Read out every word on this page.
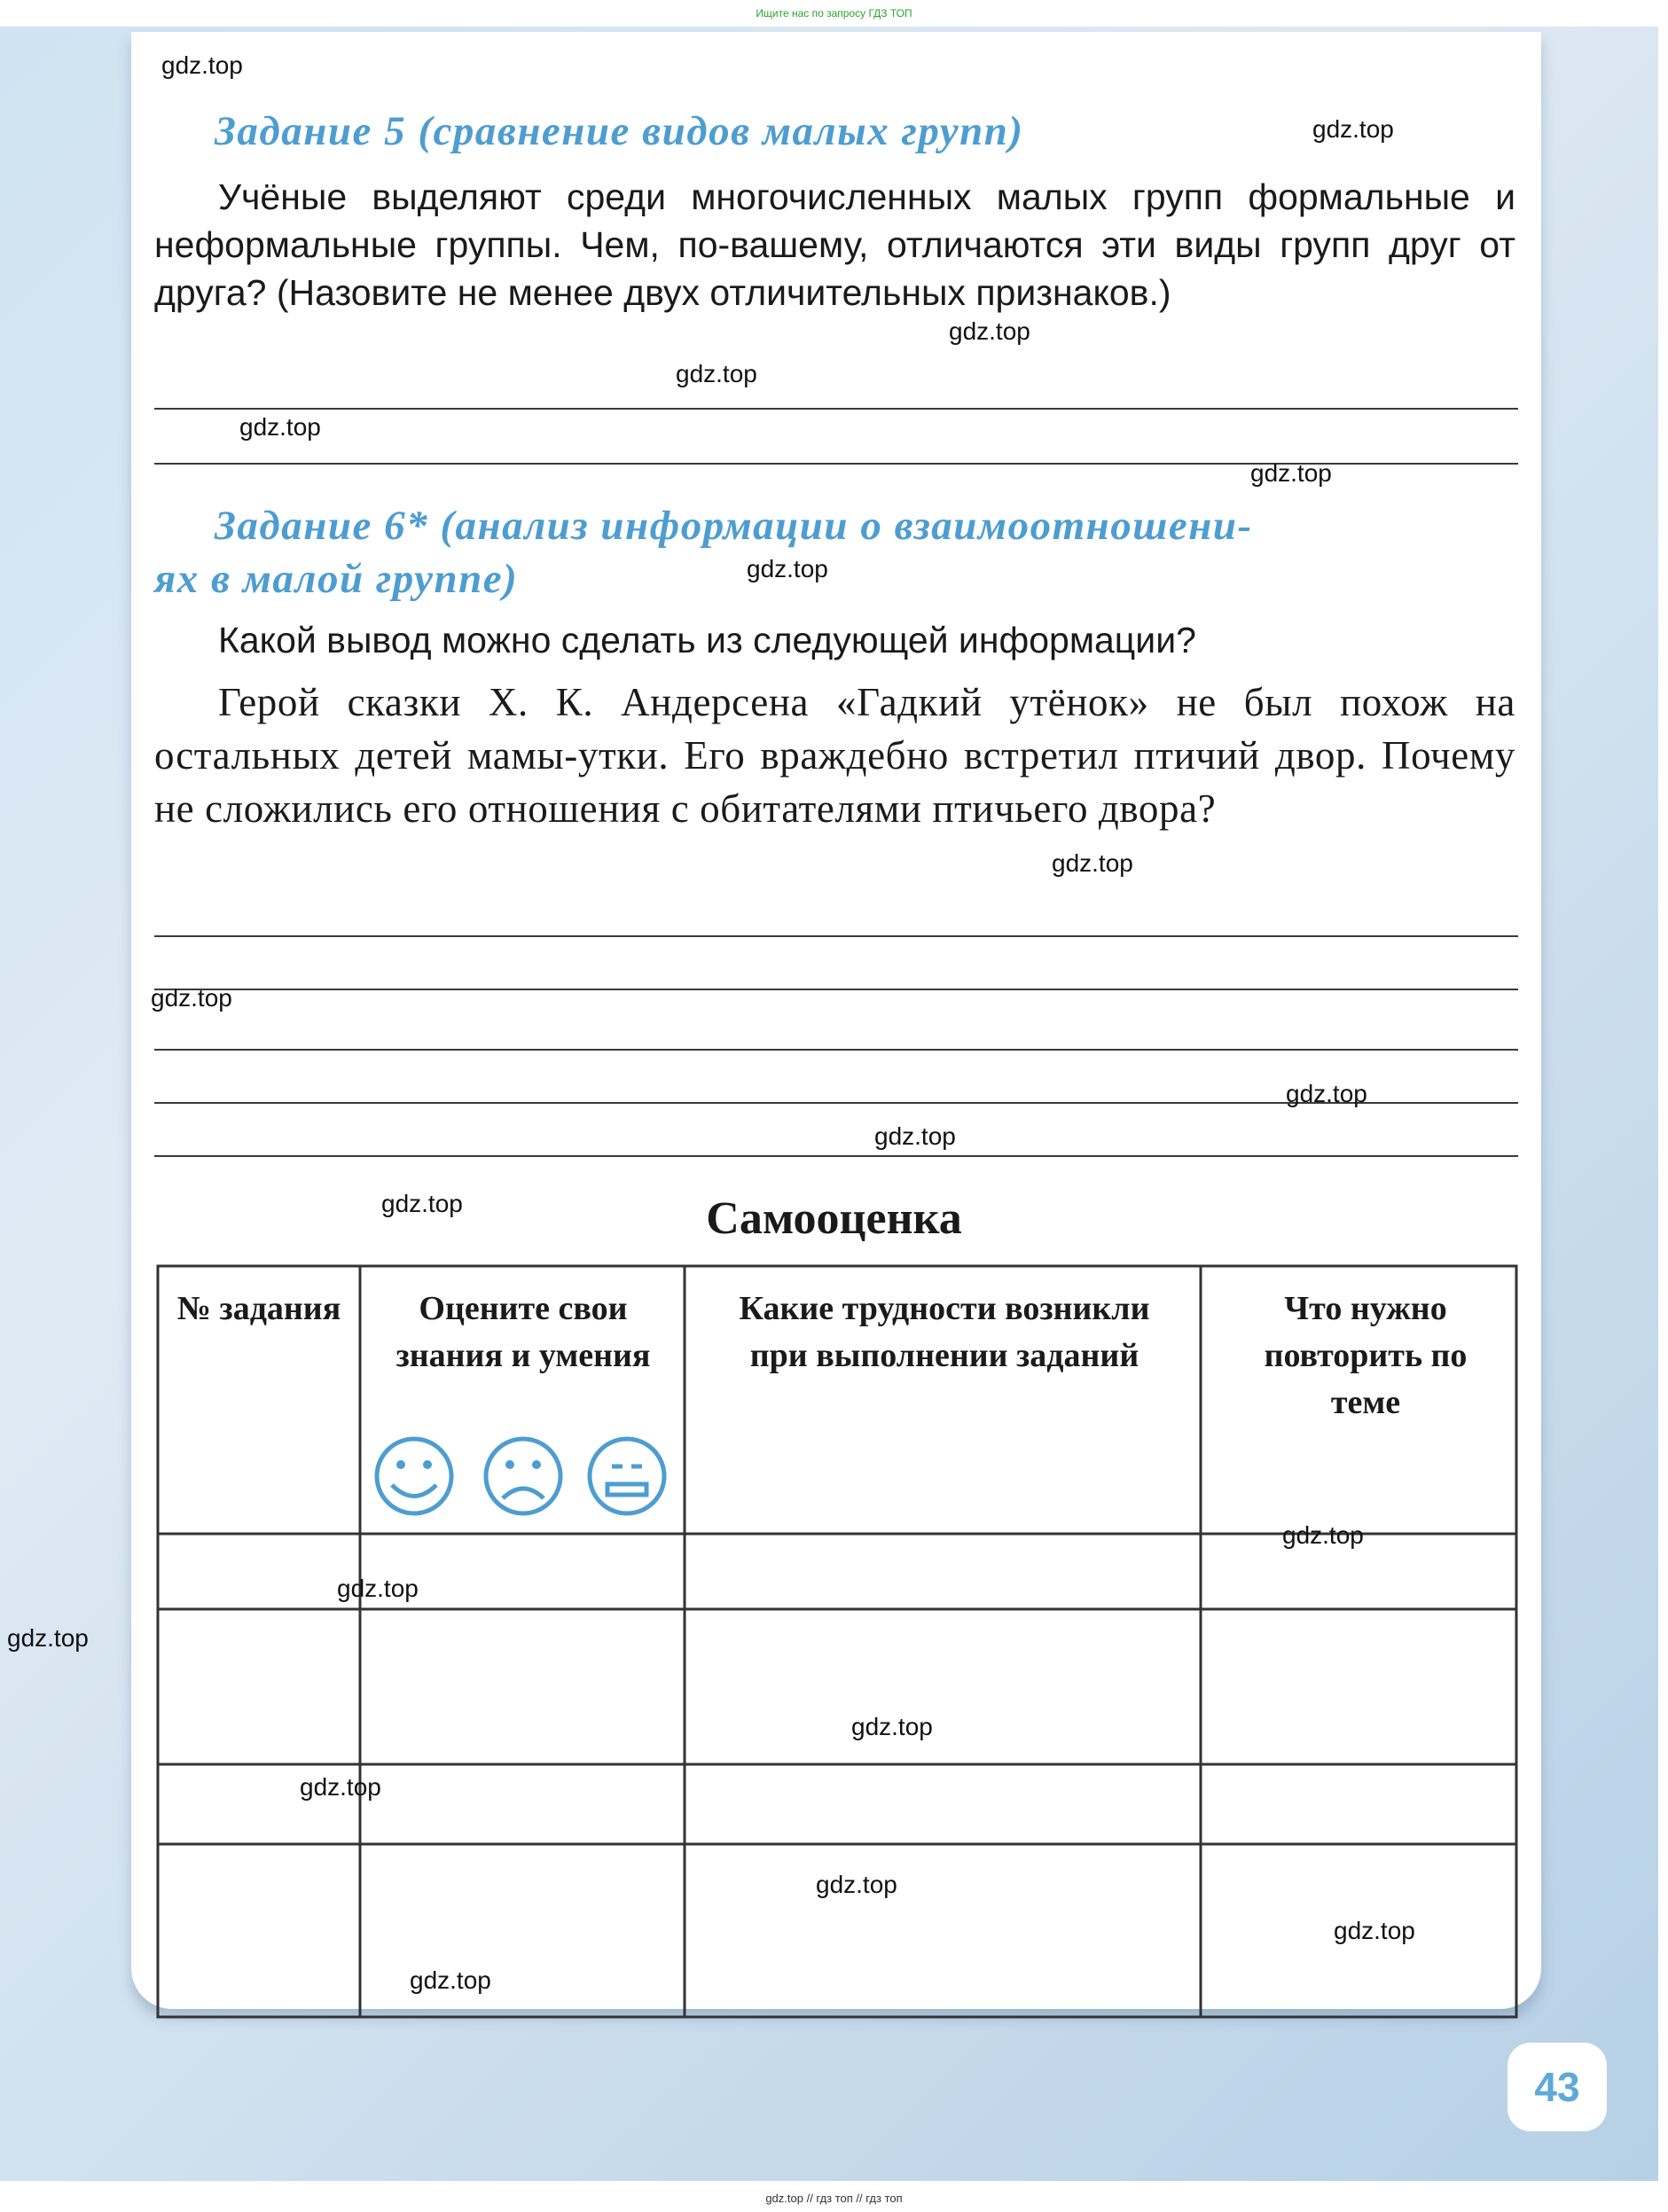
Ищите нас по запросу ГДЗ ТОП
Задание 5 (сравнение видов малых групп)
Учёные выделяют среди многочисленных малых групп формальные и неформальные группы. Чем, по-вашему, отличаются эти виды групп друг от друга? (Назовите не менее двух отличительных признаков.)
Задание 6* (анализ информации о взаимоотношени-
ях в малой группе)
Какой вывод можно сделать из следующей информации?
Герой сказки Х. К. Андерсена «Гадкий утёнок» не был похож на остальных детей мамы-утки. Его враждебно встретил птичий двор. Почему не сложились его отношения с обитателями птичьего двора?
Самооценка
№ задания	Оцените свои знания и умения
Какие трудности возникли при выполнении заданий
Что нужно повторить по теме
gdz.top
gdz.top
gdz.top
gdz.top
gdz.top
gdz.top
gdz.top
gdz.top
gdz.top
gdz.top
gdz.top
gdz.top
gdz.top
gdz.top
gdz.top
gdz.top
gdz.top
gdz.top
gdz.top
gdz.top
43
gdz.top // гдз топ // гдз топ
